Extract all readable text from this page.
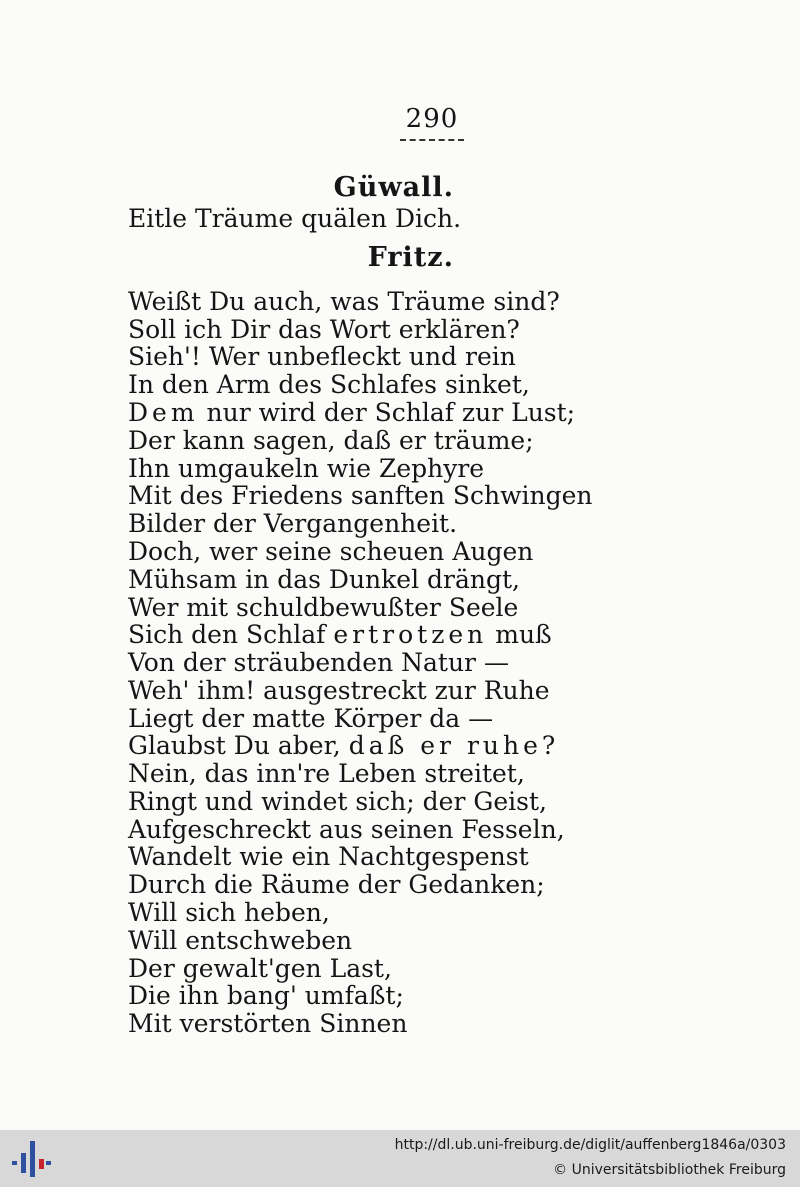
290
Güwall.
Eitle Träume quälen Dich.
Fritz.
Weißt Du auch, was Träume sind?
Soll ich Dir das Wort erklären?
Sieh'! Wer unbefleckt und rein
In den Arm des Schlafes sinket,
Dem nur wird der Schlaf zur Lust;
Der kann sagen, daß er träume;
Ihn umgaukeln wie Zephyre
Mit des Friedens sanften Schwingen
Bilder der Vergangenheit.
Doch, wer seine scheuen Augen
Mühsam in das Dunkel drängt,
Wer mit schuldbewußter Seele
Sich den Schlaf ertrotzen muß
Von der sträubenden Natur —
Weh' ihm! ausgestreckt zur Ruhe
Liegt der matte Körper da —
Glaubst Du aber, daß er ruhe?
Nein, das inn're Leben streitet,
Ringt und windet sich; der Geist,
Aufgeschreckt aus seinen Fesseln,
Wandelt wie ein Nachtgespenst
Durch die Räume der Gedanken;
Will sich heben,
Will entschweben
Der gewalt'gen Last,
Die ihn bang' umfaßt;
Mit verstörten Sinnen
http://dl.ub.uni-freiburg.de/diglit/auffenberg1846a/0303
© Universitätsbibliothek Freiburg
